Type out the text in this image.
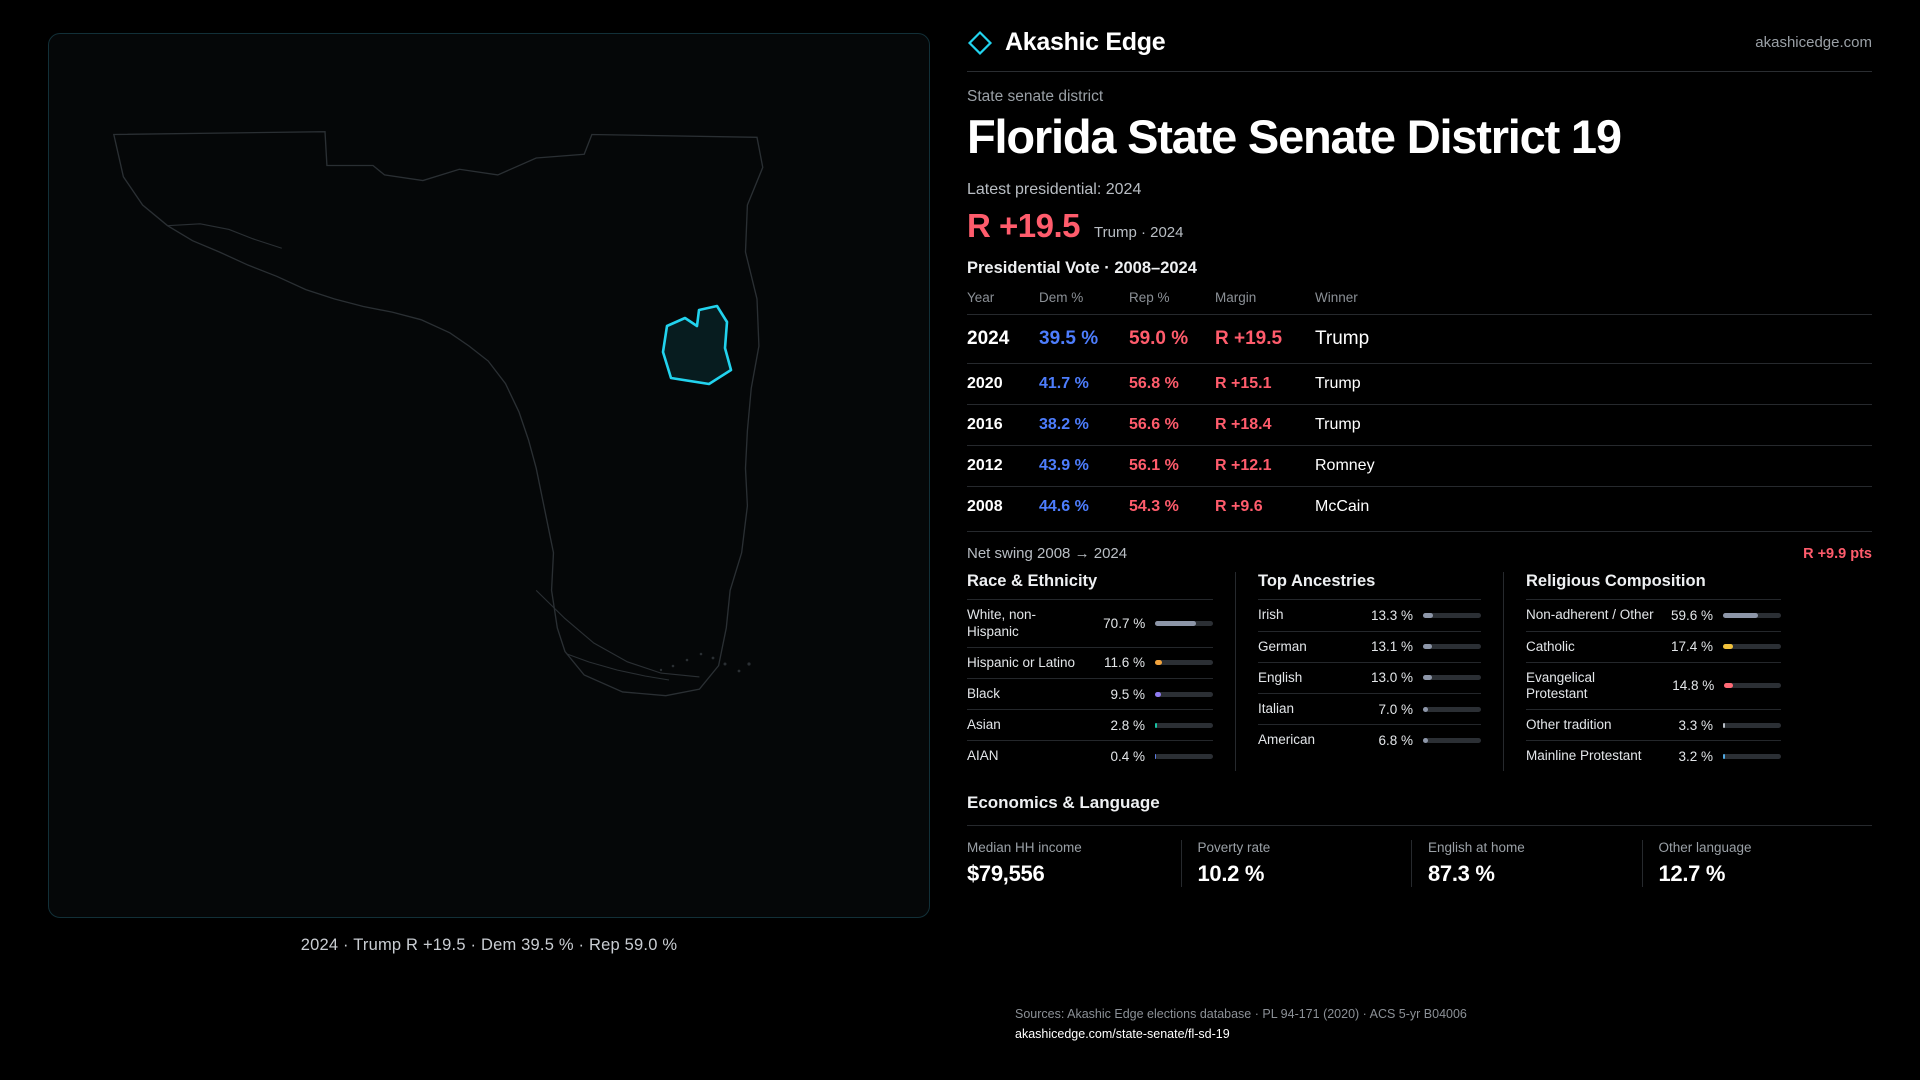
2024 · Trump R +19.5 · Dem 39.5 % · Rep 59.0 %
Akashic Edge	akashicedge.com
State senate district
Florida State Senate District 19
Latest presidential: 2024
R +19.5 Trump · 2024
Presidential Vote · 2008–2024
Year	Dem %	Rep %	Margin	Winner
2024	39.5 %	59.0 %	R +19.5	Trump
2020	41.7 %	56.8 %	R +15.1	Trump
2016	38.2 %	56.6 %	R +18.4	Trump
2012	43.9 %	56.1 %	R +12.1	Romney
2008	44.6 %	54.3 %	R +9.6	McCain
Net swing 2008 → 2024	R +9.9 pts
Race & Ethnicity
White, non-Hispanic	70.7 %
Hispanic or Latino	11.6 %
Black	9.5 %
Asian	2.8 %
AIAN	0.4 %
Top Ancestries
Irish	13.3 %
German	13.1 %
English	13.0 %
Italian	7.0 %
American	6.8 %
Religious Composition
Non-adherent / Other	59.6 %
Catholic	17.4 %
Evangelical Protestant	14.8 %
Other tradition	3.3 %
Mainline Protestant	3.2 %
Economics & Language
Median HH income
$79,556
Poverty rate
10.2 %
English at home
87.3 %
Other language
12.7 %
Sources: Akashic Edge elections database · PL 94-171 (2020) · ACS 5-yr B04006
akashicedge.com/state-senate/fl-sd-19
